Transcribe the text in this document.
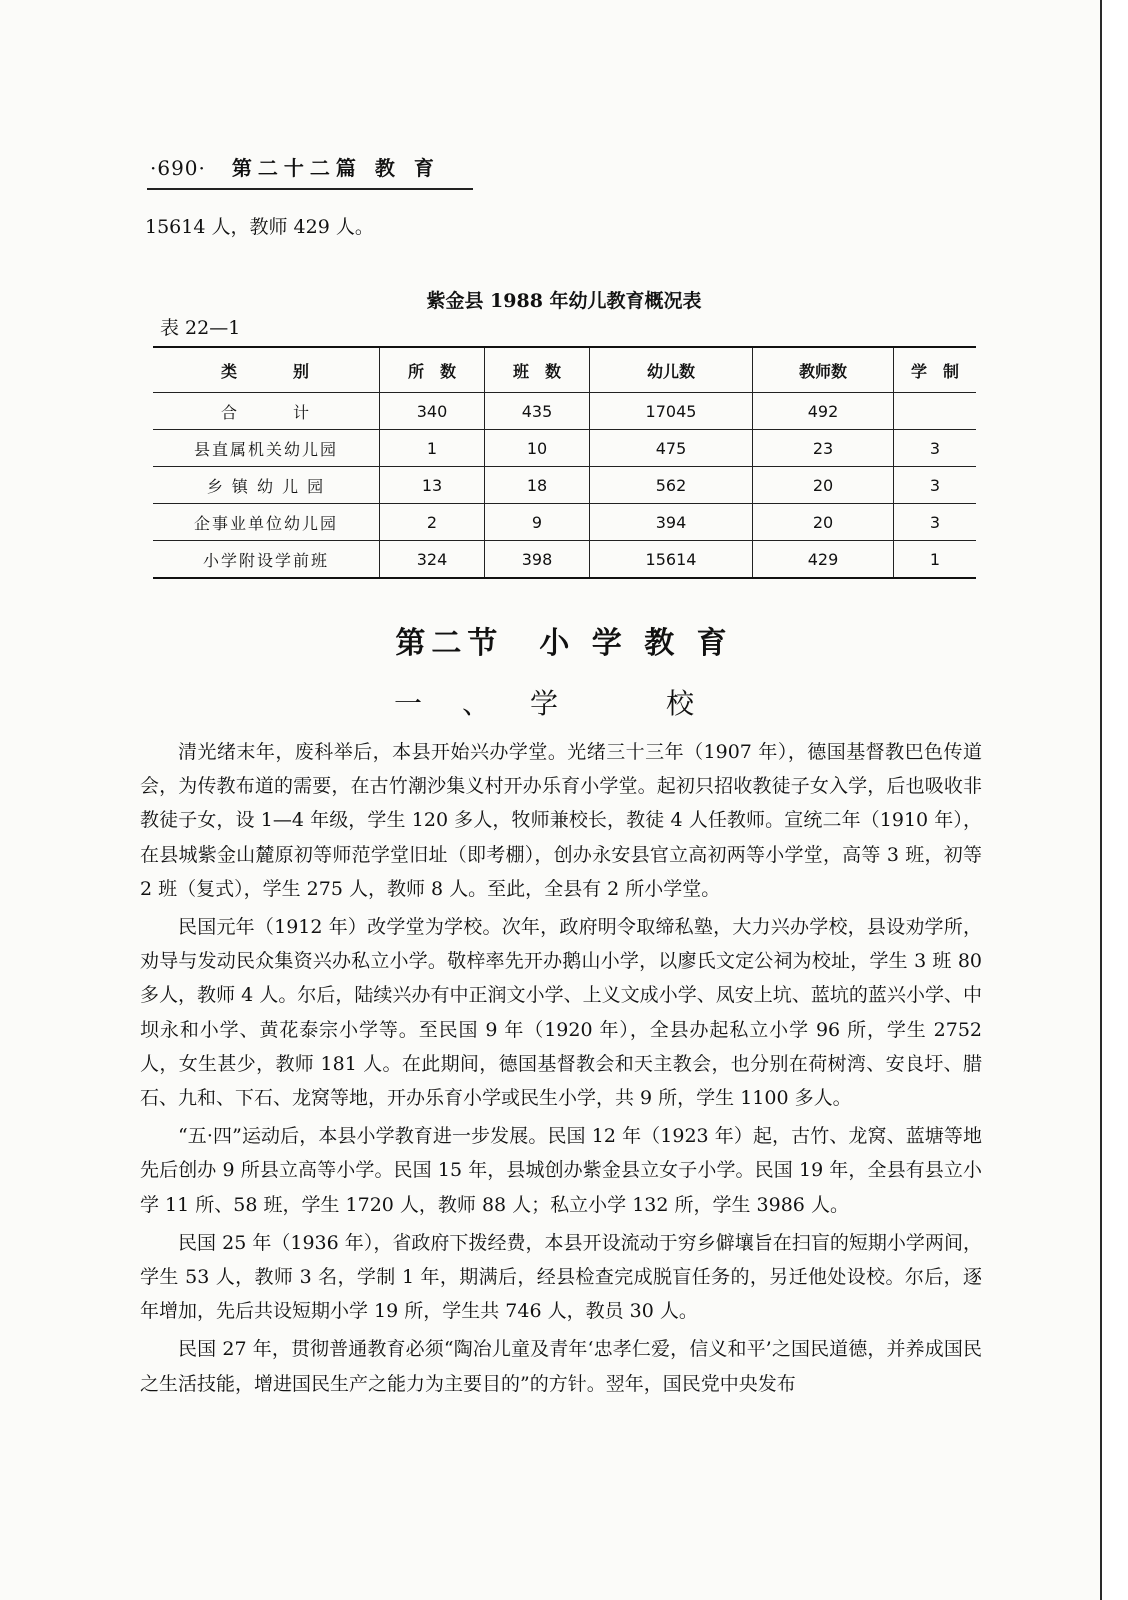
·690· 第二十二篇 教 育
15614 人，教师 429 人。
紫金县 1988 年幼儿教育概况表
表 22—1
类　　　别	所　数	班　数	幼儿数	教师数	学　制
合　　　计	340	435	17045	492	
县直属机关幼儿园	1	10	475	23	3
乡 镇 幼 儿 园	13	18	562	20	3
企事业单位幼儿园	2	9	394	20	3
小学附设学前班	324	398	15614	429	1
第二节　小 学 教 育
一、学　校

清光绪末年，废科举后，本县开始兴办学堂。光绪三十三年（1907 年），德国基督教巴色传道会，为传教布道的需要，在古竹潮沙集义村开办乐育小学堂。起初只招收教徒子女入学，后也吸收非教徒子女，设 1—4 年级，学生 120 多人，牧师兼校长，教徒 4 人任教师。宣统二年（1910 年），在县城紫金山麓原初等师范学堂旧址（即考棚），创办永安县官立高初两等小学堂，高等 3 班，初等 2 班（复式），学生 275 人，教师 8 人。至此，全县有 2 所小学堂。

民国元年（1912 年）改学堂为学校。次年，政府明令取缔私塾，大力兴办学校，县设劝学所，劝导与发动民众集资兴办私立小学。敬梓率先开办鹅山小学，以廖氏文定公祠为校址，学生 3 班 80 多人，教师 4 人。尔后，陆续兴办有中正润文小学、上义文成小学、凤安上坑、蓝坑的蓝兴小学、中坝永和小学、黄花泰宗小学等。至民国 9 年（1920 年），全县办起私立小学 96 所，学生 2752 人，女生甚少，教师 181 人。在此期间，德国基督教会和天主教会，也分别在荷树湾、安良圩、腊石、九和、下石、龙窝等地，开办乐育小学或民生小学，共 9 所，学生 1100 多人。

“五·四”运动后，本县小学教育进一步发展。民国 12 年（1923 年）起，古竹、龙窝、蓝塘等地先后创办 9 所县立高等小学。民国 15 年，县城创办紫金县立女子小学。民国 19 年，全县有县立小学 11 所、58 班，学生 1720 人，教师 88 人；私立小学 132 所，学生 3986 人。

民国 25 年（1936 年），省政府下拨经费，本县开设流动于穷乡僻壤旨在扫盲的短期小学两间，学生 53 人，教师 3 名，学制 1 年，期满后，经县检查完成脱盲任务的，另迁他处设校。尔后，逐年增加，先后共设短期小学 19 所，学生共 746 人，教员 30 人。

民国 27 年，贯彻普通教育必须“陶冶儿童及青年‘忠孝仁爱，信义和平’之国民道德，并养成国民之生活技能，增进国民生产之能力为主要目的”的方针。翌年，国民党中央发布
